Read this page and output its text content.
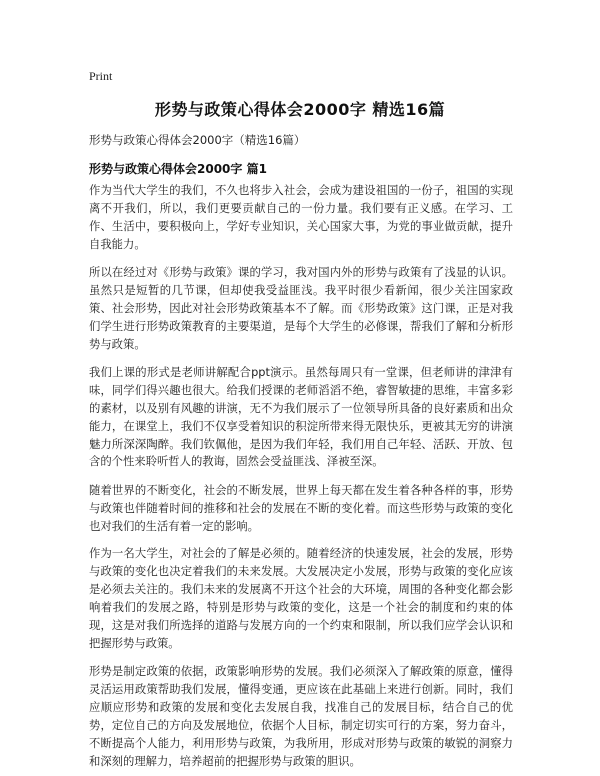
Print
形势与政策心得体会2000字 精选16篇
形势与政策心得体会2000字（精选16篇）
形势与政策心得体会2000字 篇1

作为当代大学生的我们，不久也将步入社会，会成为建设祖国的一份子，祖国的实现离不开我们，所以，我们更要贡献自己的一份力量。我们要有正义感。在学习、工作、生活中，要积极向上，学好专业知识，关心国家大事，为党的事业做贡献，提升自我能力。

所以在经过对《形势与政策》课的学习，我对国内外的形势与政策有了浅显的认识。虽然只是短暂的几节课，但却使我受益匪浅。我平时很少看新闻，很少关注国家政策、社会形势，因此对社会形势政策基本不了解。而《形势政策》这门课，正是对我们学生进行形势政策教育的主要渠道，是每个大学生的必修课，帮我们了解和分析形势与政策。

我们上课的形式是老师讲解配合ppt演示。虽然每周只有一堂课，但老师讲的津津有味，同学们得兴趣也很大。给我们授课的老师滔滔不绝，睿智敏捷的思维，丰富多彩的素材，以及别有风趣的讲演，无不为我们展示了一位领导所具备的良好素质和出众能力，在课堂上，我们不仅享受着知识的积淀所带来得无限快乐，更被其无穷的讲演魅力所深深陶醉。我们钦佩他，是因为我们年轻，我们用自己年轻、活跃、开放、包含的个性来聆听哲人的教诲，固然会受益匪浅、泽被至深。

随着世界的不断变化，社会的不断发展，世界上每天都在发生着各种各样的事，形势与政策也伴随着时间的推移和社会的发展在不断的变化着。而这些形势与政策的变化也对我们的生活有着一定的影响。

作为一名大学生，对社会的了解是必须的。随着经济的快速发展，社会的发展，形势与政策的变化也决定着我们的未来发展。大发展决定小发展，形势与政策的变化应该是必须去关注的。我们未来的发展离不开这个社会的大环境，周围的各种变化都会影响着我们的发展之路，特别是形势与政策的变化，这是一个社会的制度和约束的体现，这是对我们所选择的道路与发展方向的一个约束和限制，所以我们应学会认识和把握形势与政策。

形势是制定政策的依据，政策影响形势的发展。我们必须深入了解政策的原意，懂得灵活运用政策帮助我们发展，懂得变通，更应该在此基础上来进行创新。同时，我们应顺应形势和政策的发展和变化去发展自我，找准自己的发展目标，结合自己的优势，定位自己的方向及发展地位，依据个人目标，制定切实可行的方案，努力奋斗，不断提高个人能力，利用形势与政策，为我所用，形成对形势与政策的敏锐的洞察力和深刻的理解力，培养超前的把握形势与政策的胆识。
